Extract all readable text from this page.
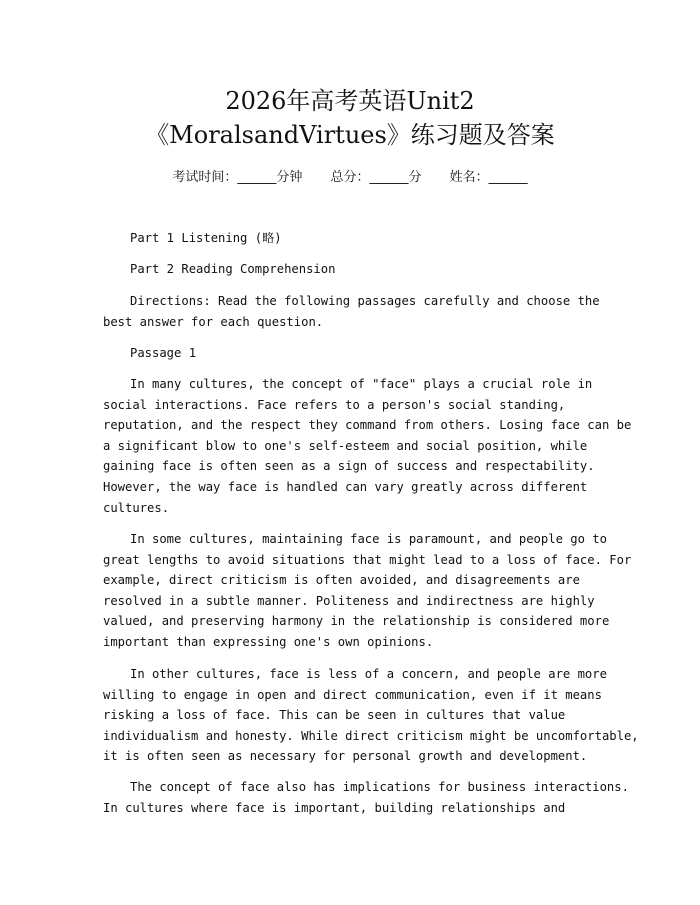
2026年高考英语Unit2
《MoralsandVirtues》练习题及答案
考试时间：______分钟 总分：______分 姓名：______
Part 1 Listening (略)
Part 2 Reading Comprehension
Directions: Read the following passages carefully and choose the
best answer for each question.
Passage 1
In many cultures, the concept of "face" plays a crucial role in
social interactions. Face refers to a person's social standing,
reputation, and the respect they command from others. Losing face can be
a significant blow to one's self-esteem and social position, while
gaining face is often seen as a sign of success and respectability.
However, the way face is handled can vary greatly across different
cultures.
In some cultures, maintaining face is paramount, and people go to
great lengths to avoid situations that might lead to a loss of face. For
example, direct criticism is often avoided, and disagreements are
resolved in a subtle manner. Politeness and indirectness are highly
valued, and preserving harmony in the relationship is considered more
important than expressing one's own opinions.
In other cultures, face is less of a concern, and people are more
willing to engage in open and direct communication, even if it means
risking a loss of face. This can be seen in cultures that value
individualism and honesty. While direct criticism might be uncomfortable,
it is often seen as necessary for personal growth and development.
The concept of face also has implications for business interactions.
In cultures where face is important, building relationships and
